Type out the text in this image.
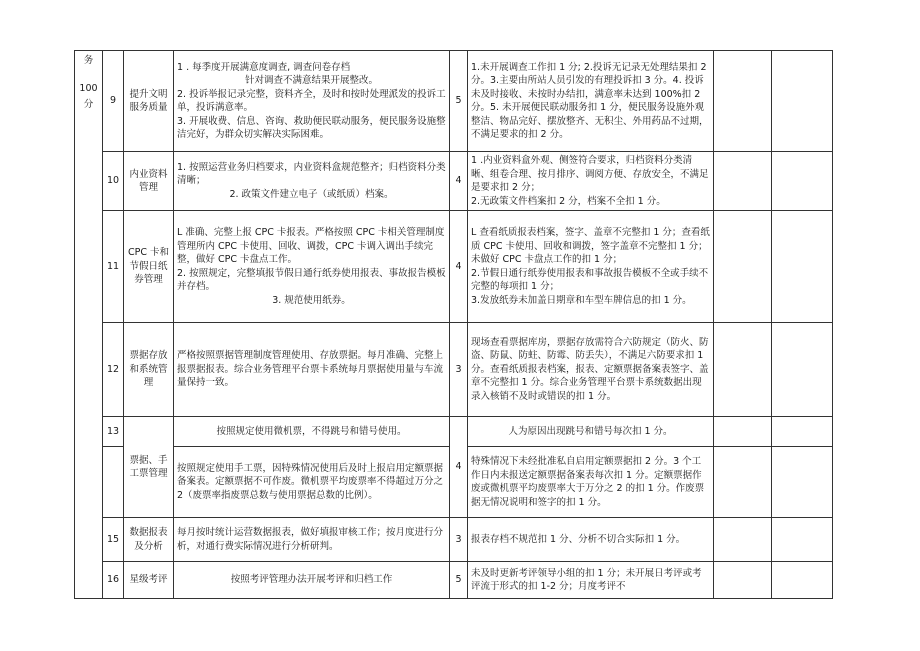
务
100
分	9	提升文明服务质量	1 . 每季度开展满意度调查, 调查问卷存档
针对调查不满意结果开展整改。
2. 投诉举报记录完整，资料齐全，及时和按时处理派发的投诉工单，投诉满意率。
3. 开展收费、信息、咨询、救助便民联动服务，便民服务设施整洁完好，为群众切实解决实际困难。	5	1.未开展调查工作扣 1 分; 2.投诉无记录无处理结果扣 2 分。3.主要由所站人员引发的有理投诉扣 3 分。4. 投诉未及时接收、未按时办结扣，满意率未达到 100%扣 2 分。5. 未开展便民联动服务扣 1 分，便民服务设施外观整洁、物品完好、摆放整齐、无积尘、外用药品不过期，不满足要求的扣 2 分。		

	10	内业资料管理	1. 按照运营业务归档要求，内业资料盒规范整齐；归档资料分类清晰；
2. 政策文件建立电子（或纸质）档案。	4	1 .内业资料盒外观、侧签符合要求，归档资料分类清晰、组卷合理、按月排序、调阅方便、存放安全，不满足是要求扣 2 分；
2.无政策文件档案扣 2 分，档案不全扣 1 分。		

	11	CPC 卡和节假日纸券管理	L 准确、完整上报 CPC 卡报表。严格按照 CPC 卡相关管理制度管理所内 CPC 卡使用、回收、调拨，CPC 卡调入调出手续完整，做好 CPC 卡盘点工作。
2. 按照规定，完整填报节假日通行纸券使用报表、事故报告模板并存档。
3. 规范使用纸券。	4	L 查看纸质报表档案，签字、盖章不完整扣 1 分；查看纸质 CPC 卡使用、回收和调拨，签字盖章不完整扣 1 分；未做好 CPC 卡盘点工作的扣 1 分；
2.节假日通行纸券使用报表和事故报告模板不全或手续不完整的每项扣 1 分；
3.发放纸券未加盖日期章和车型车牌信息的扣 1 分。		

	12	票据存放和系统管理	严格按照票据管理制度管理使用、存放票据。每月准确、完整上报票据报表。综合业务管理平台票卡系统每月票据使用量与车流量保持一致。	3	现场查看票据库房，票据存放需符合六防规定（防火、防盗、防鼠、防蛀、防霉、防丢失），不满足六防要求扣 1 分。查看纸质报表档案，报表、定额票据备案表签字、盖章不完整扣 1 分。综合业务管理平台票卡系统数据出现录入核销不及时或错误的扣 1 分。		

	13	票据、手工票管理	按照规定使用微机票，不得跳号和错号使用。	4	人为原因出现跳号和错号每次扣 1 分。		

			按照规定使用手工票，因特殊情况使用后及时上报启用定额票据备案表。定额票据不可作废。微机票平均废票率不得超过万分之 2（废票率指废票总数与使用票据总数的比例）。		特殊情况下未经批准私自启用定额票据扣 2 分。3 个工作日内未报送定额票据备案表每次扣 1 分。定额票据作废或微机票平均废票率大于万分之 2 的扣 1 分。作废票据无情况说明和签字的扣 1 分。		

	15	数据报表及分析	每月按时统计运营数据报表，做好填报审核工作；按月度进行分析，对通行费实际情况进行分析研判。	3	报表存档不规范扣 1 分、分析不切合实际扣 1 分。		

	16	星级考评	按照考评管理办法开展考评和归档工作	5	未及时更新考评领导小组的扣 1 分；未开展日考评或考评流于形式的扣 1-2 分；月度考评不		
